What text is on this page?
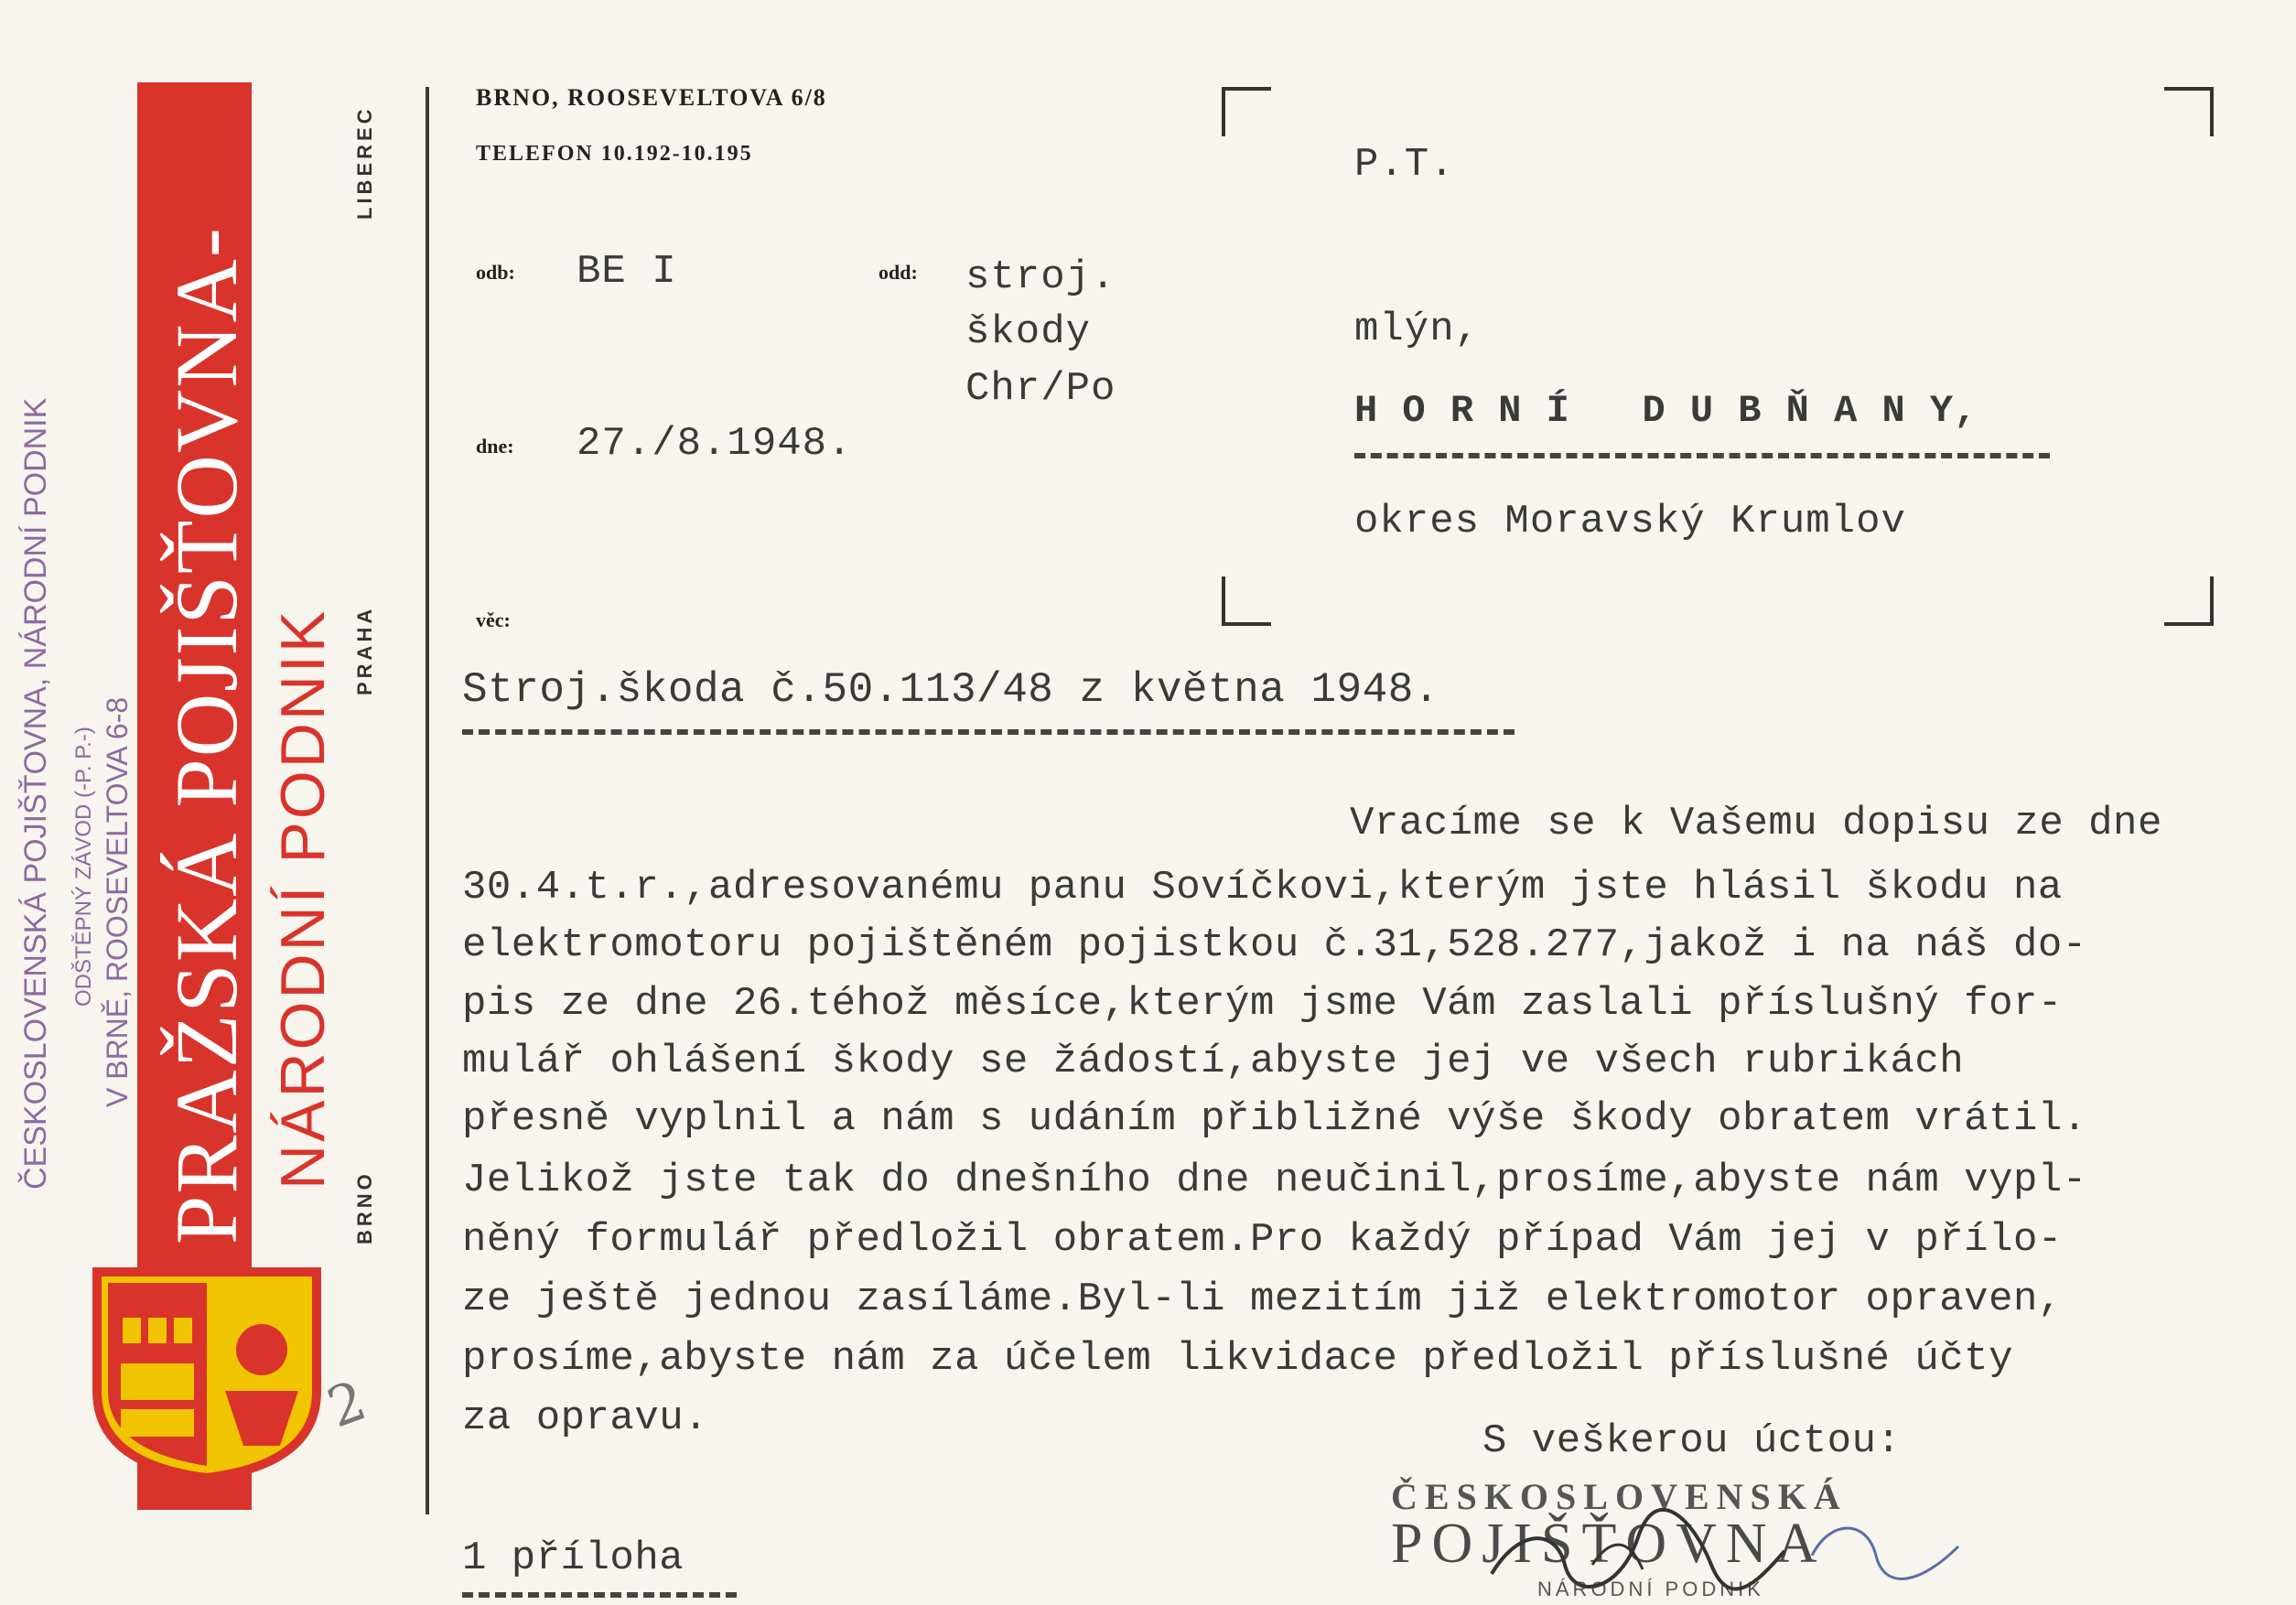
PRAŽSKÁ POJIŠŤOVNA- NÁRODNÍ PODNIK
ČESKOSLOVENSKÁ POJIŠŤOVNA, NÁRODNÍ PODNIK ODŠTĚPNÝ ZÁVOD (-P. P.-) V BRNĚ, ROOSEVELTOVA 6-8
2
LIBEREC
PRAHA
BRNO
BRNO, ROOSEVELTOVA 6/8
TELEFON 10.192-10.195
odb: BE I	odd: stroj.
škody
Chr/Po
dne: 27./8.1948.
věc:
P.T.
mlýn,
H O R N Í   D U B Ň A N Y,
okres Moravský Krumlov
Stroj.škoda č.50.113/48 z května 1948.
Vracíme se k Vašemu dopisu ze dne
30.4.t.r.,adresovanému panu Sovíčkovi,kterým jste hlásil škodu na
elektromotoru pojištěném pojistkou č.31,528.277,jakož i na náš do-
pis ze dne 26.téhož měsíce,kterým jsme Vám zaslali příslušný for-
mulář ohlášení škody se žádostí,abyste jej ve všech rubrikách
přesně vyplnil a nám s udáním přibližné výše škody obratem vrátil.
Jelikož jste tak do dnešního dne neučinil,prosíme,abyste nám vypl-
něný formulář předložil obratem.Pro každý případ Vám jej v přílo-
ze ještě jednou zasíláme.Byl-li mezitím již elektromotor opraven,
prosíme,abyste nám za účelem likvidace předložil příslušné účty
za opravu.	S veškerou úctou:
ČESKOSLOVENSKÁ
POJIŠŤOVNA
NÁRODNÍ PODNIK
1 příloha
